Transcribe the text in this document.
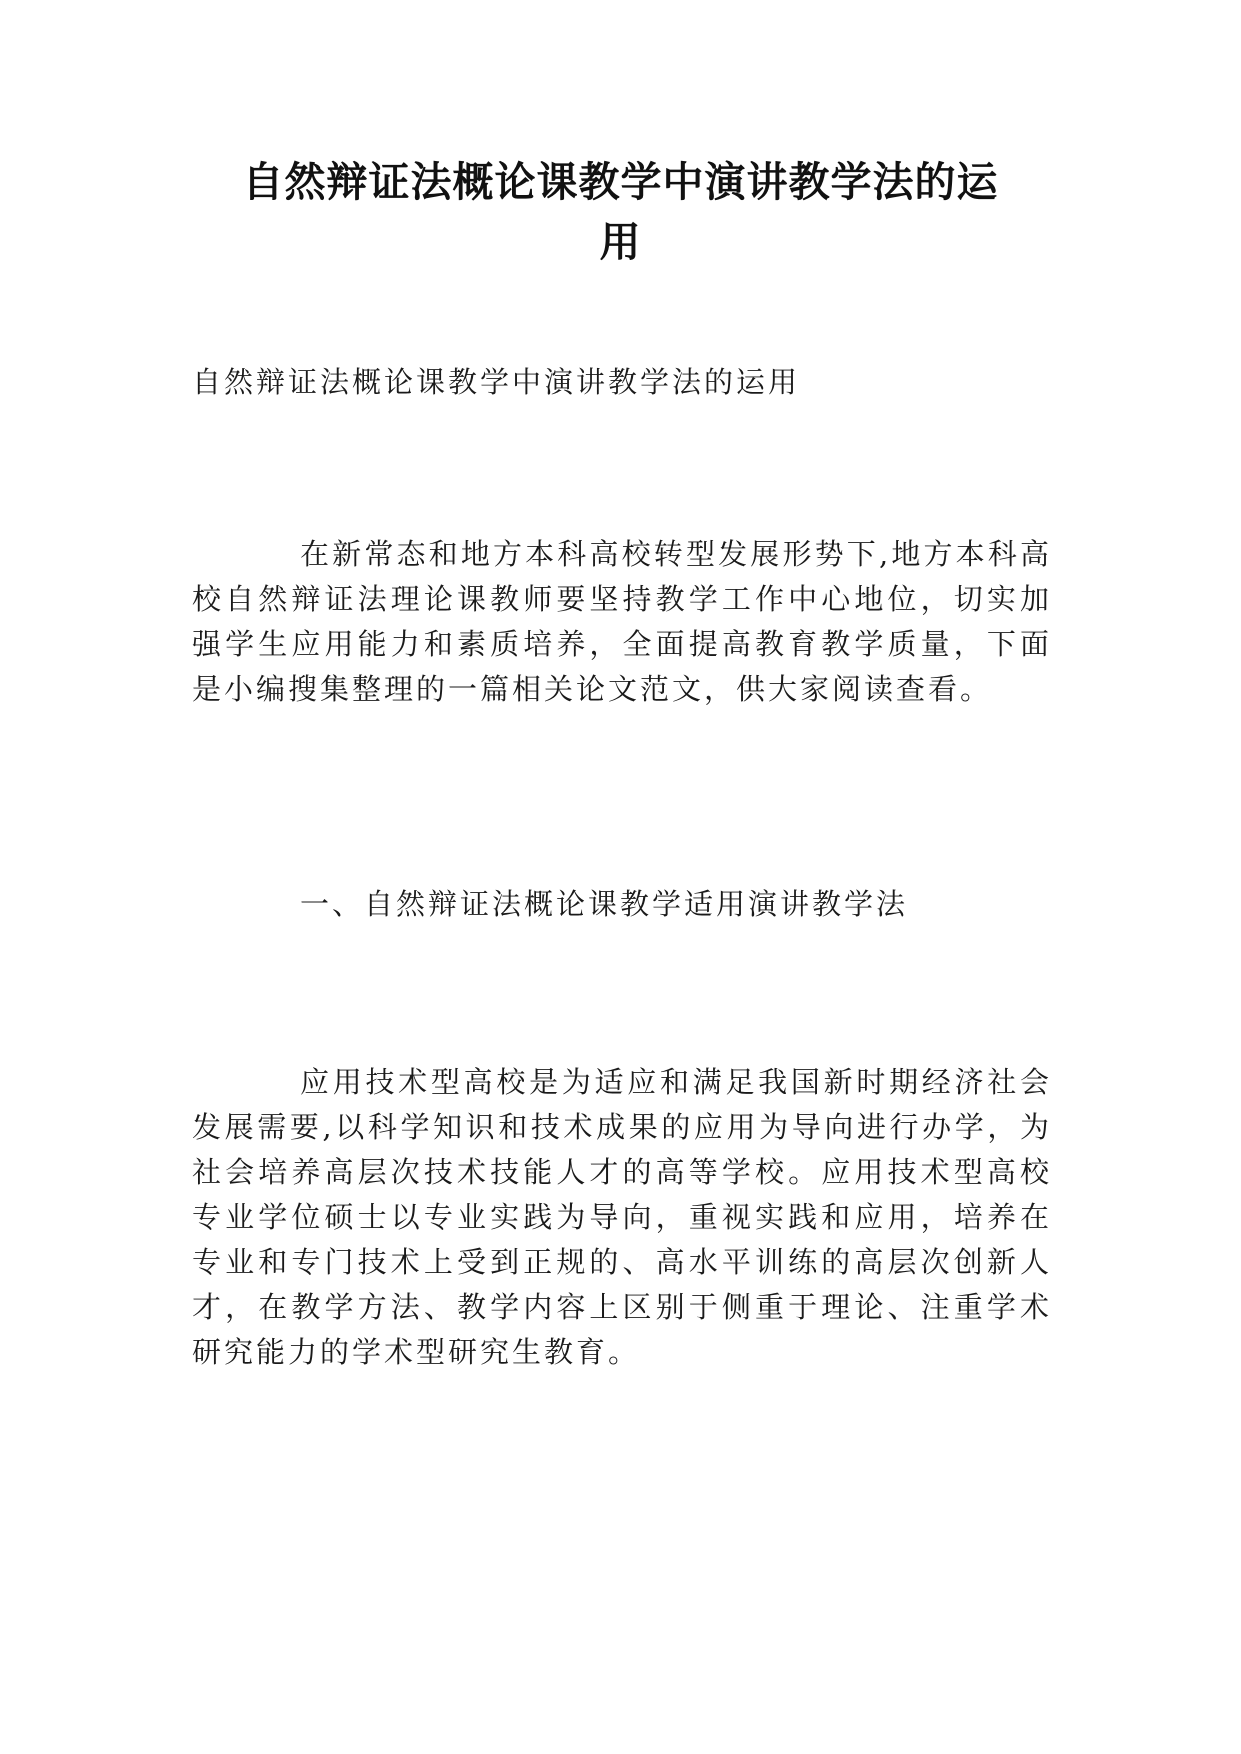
自然辩证法概论课教学中演讲教学法的运
用
自然辩证法概论课教学中演讲教学法的运用
在新常态和地方本科高校转型发展形势下,地方本科高校自然辩证法理论课教师要坚持教学工作中心地位，切实加强学生应用能力和素质培养，全面提高教育教学质量，下面是小编搜集整理的一篇相关论文范文，供大家阅读查看。
一、自然辩证法概论课教学适用演讲教学法
应用技术型高校是为适应和满足我国新时期经济社会发展需要,以科学知识和技术成果的应用为导向进行办学，为社会培养高层次技术技能人才的高等学校。应用技术型高校专业学位硕士以专业实践为导向，重视实践和应用，培养在专业和专门技术上受到正规的、高水平训练的高层次创新人才，在教学方法、教学内容上区别于侧重于理论、注重学术研究能力的学术型研究生教育。
